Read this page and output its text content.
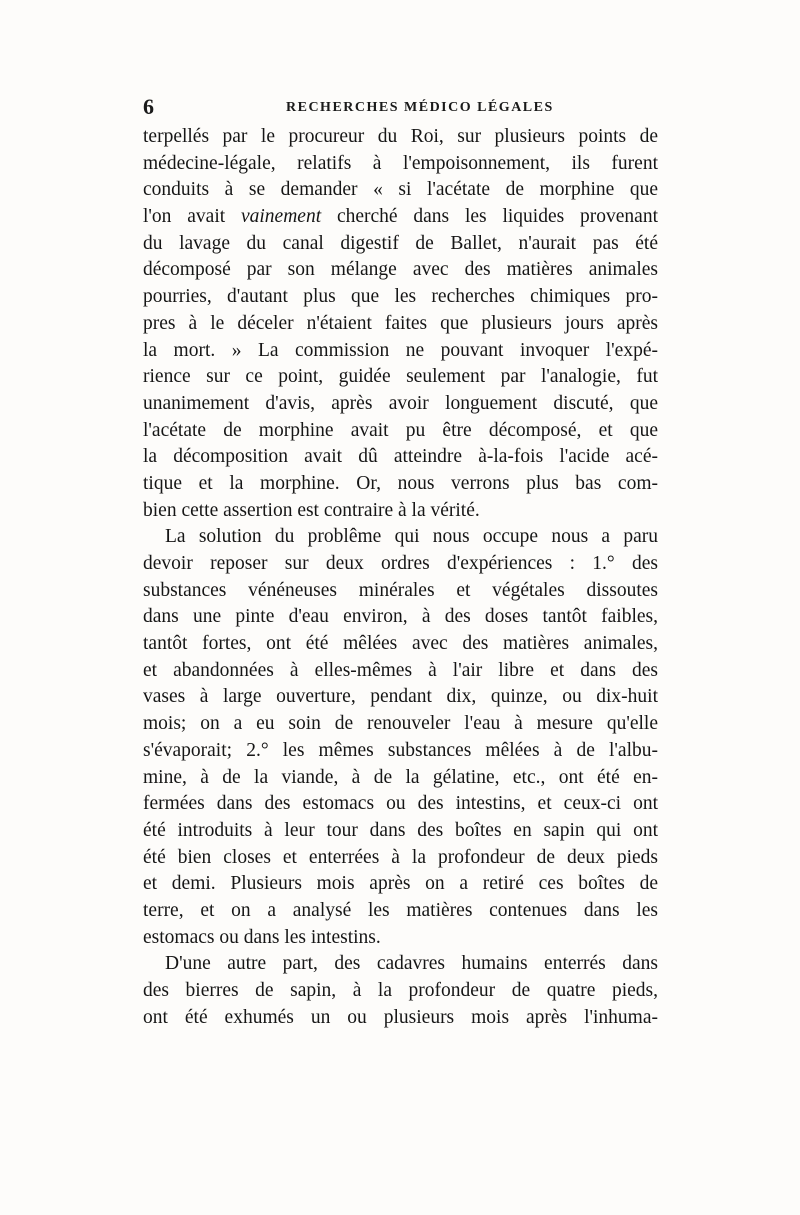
6	RECHERCHES MÉDICO LÉGALES
terpellés par le procureur du Roi, sur plusieurs points de
médecine-légale, relatifs à l'empoisonnement, ils furent
conduits à se demander « si l'acétate de morphine que
l'on avait vainement cherché dans les liquides provenant
du lavage du canal digestif de Ballet, n'aurait pas été
décomposé par son mélange avec des matières animales
pourries, d'autant plus que les recherches chimiques pro-
pres à le déceler n'étaient faites que plusieurs jours après
la mort. » La commission ne pouvant invoquer l'expé-
rience sur ce point, guidée seulement par l'analogie, fut
unanimement d'avis, après avoir longuement discuté, que
l'acétate de morphine avait pu être décomposé, et que
la décomposition avait dû atteindre à-la-fois l'acide acé-
tique et la morphine. Or, nous verrons plus bas com-
bien cette assertion est contraire à la vérité.
La solution du problême qui nous occupe nous a paru
devoir reposer sur deux ordres d'expériences : 1.° des
substances vénéneuses minérales et végétales dissoutes
dans une pinte d'eau environ, à des doses tantôt faibles,
tantôt fortes, ont été mêlées avec des matières animales,
et abandonnées à elles-mêmes à l'air libre et dans des
vases à large ouverture, pendant dix, quinze, ou dix-huit
mois; on a eu soin de renouveler l'eau à mesure qu'elle
s'évaporait; 2.° les mêmes substances mêlées à de l'albu-
mine, à de la viande, à de la gélatine, etc., ont été en-
fermées dans des estomacs ou des intestins, et ceux-ci ont
été introduits à leur tour dans des boîtes en sapin qui ont
été bien closes et enterrées à la profondeur de deux pieds
et demi. Plusieurs mois après on a retiré ces boîtes de
terre, et on a analysé les matières contenues dans les
estomacs ou dans les intestins.
D'une autre part, des cadavres humains enterrés dans
des bierres de sapin, à la profondeur de quatre pieds,
ont été exhumés un ou plusieurs mois après l'inhuma-
